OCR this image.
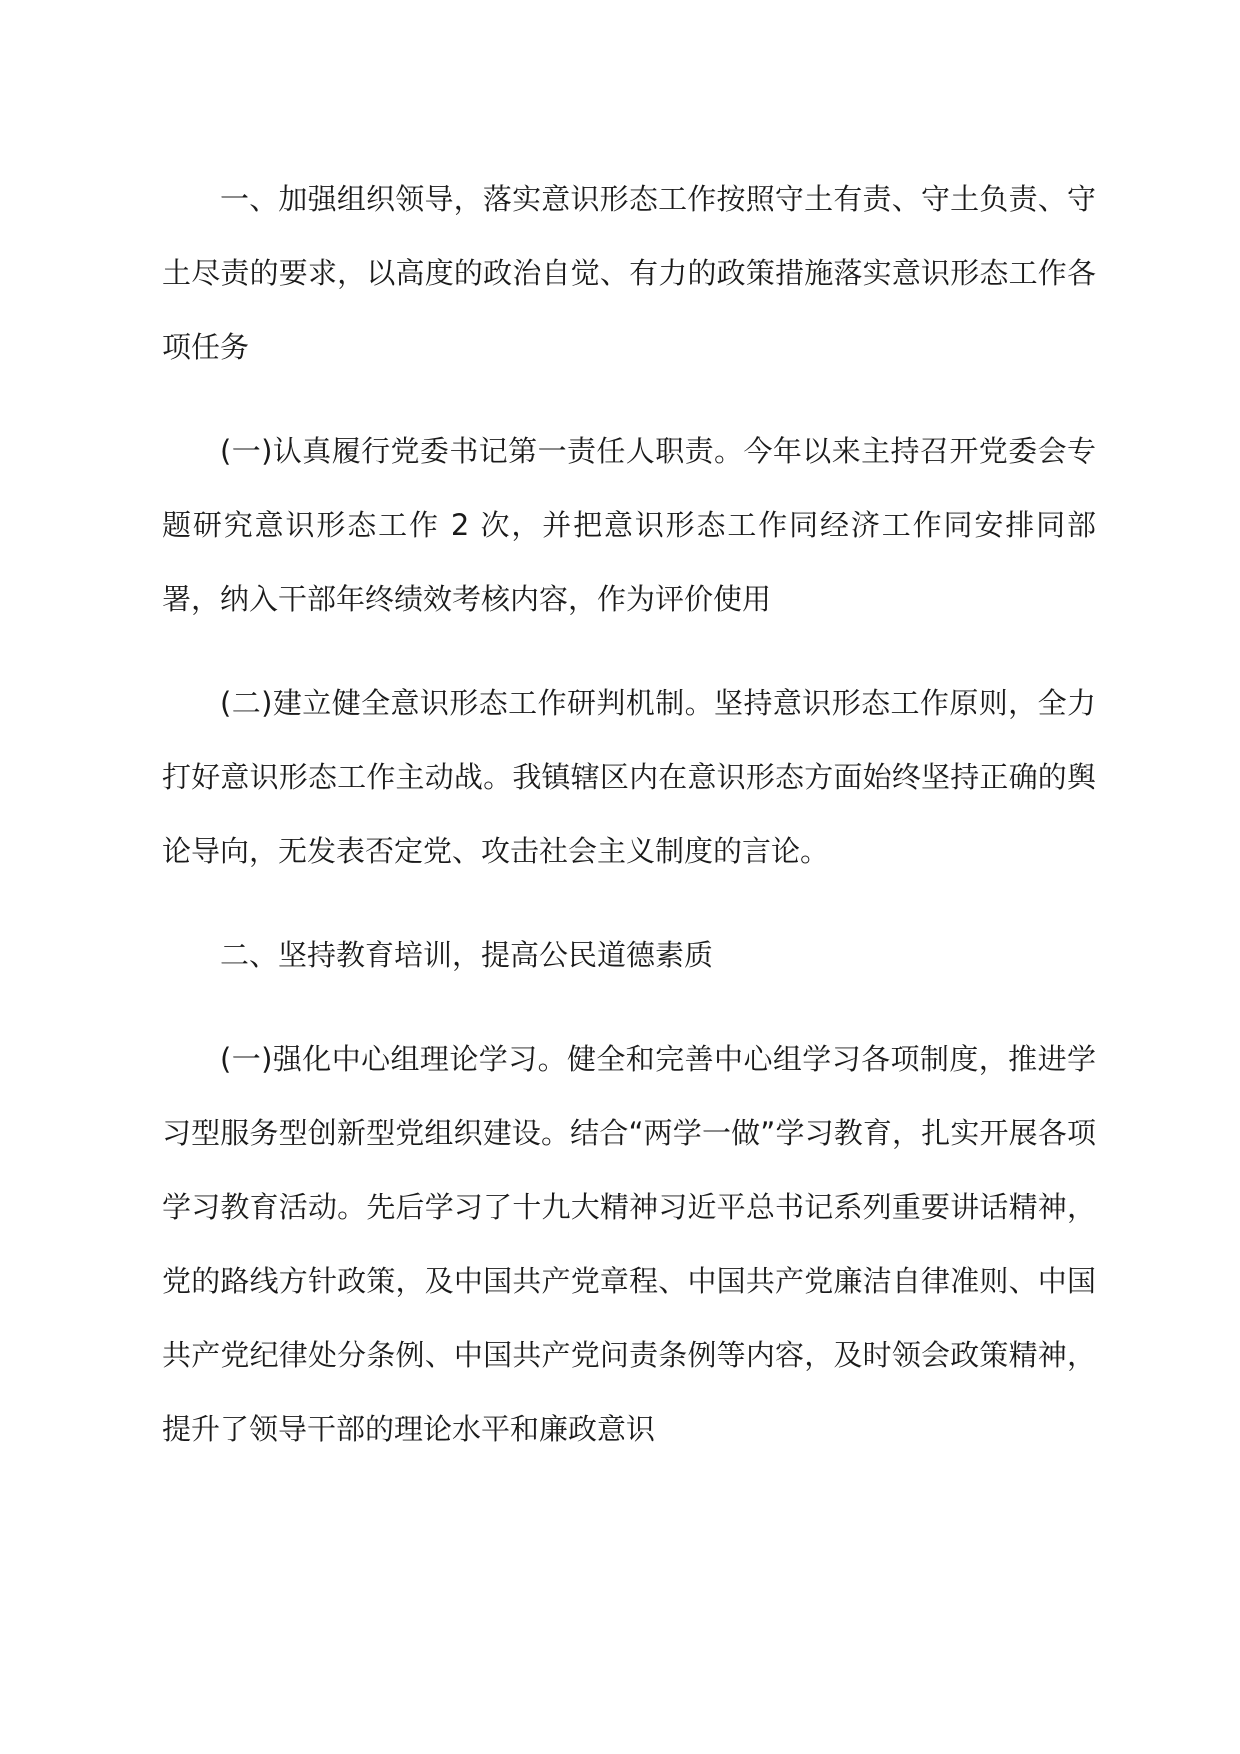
一、加强组织领导，落实意识形态工作按照守土有责、守土负责、守土尽责的要求，以高度的政治自觉、有力的政策措施落实意识形态工作各项任务

(一)认真履行党委书记第一责任人职责。今年以来主持召开党委会专题研究意识形态工作 2 次，并把意识形态工作同经济工作同安排同部署，纳入干部年终绩效考核内容，作为评价使用

(二)建立健全意识形态工作研判机制。坚持意识形态工作原则，全力打好意识形态工作主动战。我镇辖区内在意识形态方面始终坚持正确的舆论导向，无发表否定党、攻击社会主义制度的言论。

二、坚持教育培训，提高公民道德素质

(一)强化中心组理论学习。健全和完善中心组学习各项制度，推进学习型服务型创新型党组织建设。结合“两学一做”学习教育，扎实开展各项学习教育活动。先后学习了十九大精神习近平总书记系列重要讲话精神，党的路线方针政策，及中国共产党章程、中国共产党廉洁自律准则、中国共产党纪律处分条例、中国共产党问责条例等内容，及时领会政策精神，提升了领导干部的理论水平和廉政意识
